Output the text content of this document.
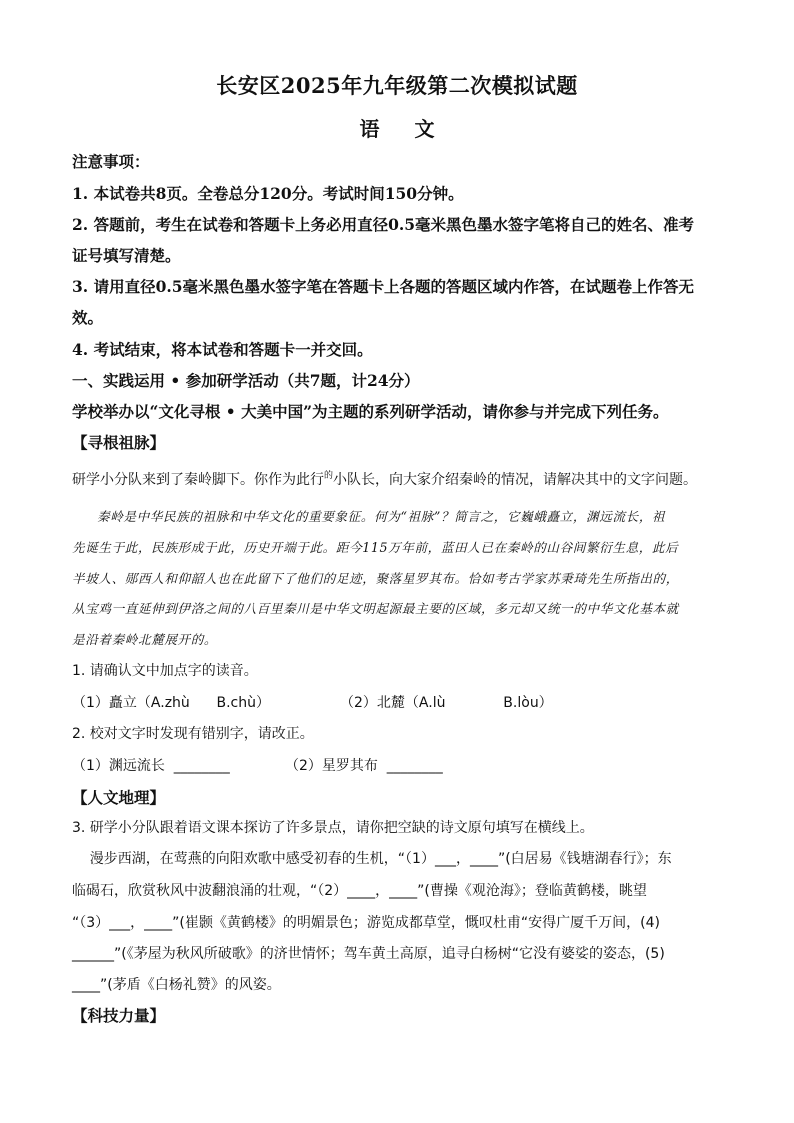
长安区2025年九年级第二次模拟试题
语 文
注意事项：
1. 本试卷共8页。全卷总分120分。考试时间150分钟。
2. 答题前，考生在试卷和答题卡上务必用直径0.5毫米黑色墨水签字笔将自己的姓名、准考
证号填写清楚。
3. 请用直径0.5毫米黑色墨水签字笔在答题卡上各题的答题区域内作答，在试题卷上作答无
效。
4. 考试结束，将本试卷和答题卡一并交回。
一、实践运用 • 参加研学活动（共7题，计24分）
学校举办以“文化寻根 • 大美中国”为主题的系列研学活动，请你参与并完成下列任务。
【寻根祖脉】
研学小分队来到了秦岭脚下。你作为此行$^的$小队长，向大家介绍秦岭的情况，请解决其中的文字问题。
秦岭是中华民族的祖脉和中华文化的重要象征。何为“祖脉”？简言之，它巍峨矗立，渊远流长，祖
先诞生于此，民族形成于此，历史开端于此。距今115万年前，蓝田人已在秦岭的山谷间繁衍生息，此后
半坡人、郧西人和仰韶人也在此留下了他们的足迹，聚落星罗其布。恰如考古学家苏秉琦先生所指出的，
从宝鸡一直延伸到伊洛之间的八百里秦川是中华文明起源最主要的区域，多元却又统一的中华文化基本就
是沿着秦岭北麓展开的。
1. 请确认文中加点字的读音。
（1）矗立（A.zhù      B.chù）	（2）北麓（A.lù             B.lòu）
2. 校对文字时发现有错别字，请改正。
（1）渊远流长  ________	（2）星罗其布  ________
【人文地理】
3. 研学小分队跟着语文课本探访了许多景点，请你把空缺的诗文原句填写在横线上。
漫步西湖，在莺燕的向阳欢歌中感受初春的生机，“（1）___，____”(白居易《钱塘湖春行》；东
临碣石，欣赏秋风中波翻浪涌的壮观，“（2）____，____”(曹操《观沧海》；登临黄鹤楼，眺望
“（3）___，____”(崔颢《黄鹤楼》的明媚景色；游览成都草堂，慨叹杜甫“安得广厦千万间，(4)
______”(《茅屋为秋风所破歌》的济世情怀；驾车黄土高原，追寻白杨树“它没有婆娑的姿态，(5)
____”(茅盾《白杨礼赞》的风姿。
【科技力量】
